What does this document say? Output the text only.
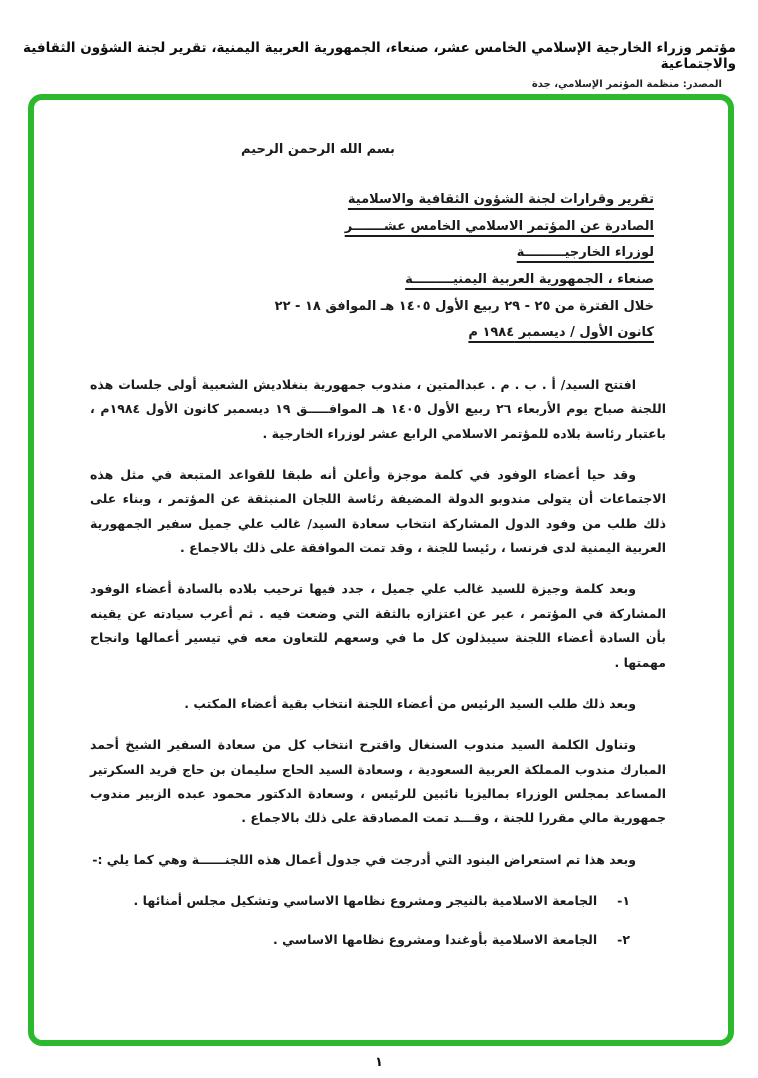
مؤتمر وزراء الخارجية الإسلامي الخامس عشر، صنعاء، الجمهورية العربية اليمنية، تقرير لجنة الشؤون الثقافية والاجتماعية
المصدر: منظمة المؤتمر الإسلامي، جدة
بسم الله الرحمن الرحيم
تقرير وقرارات لجنة الشؤون الثقافية والاسلامية
الصادرة عن المؤتمر الاسلامي الخامس عشـــــــر
لوزراء الخارجيـــــــــة
صنعاء ، الجمهورية العربية اليمنيـــــــــة
خلال الفترة من ٢٥ - ٢٩ ربيع الأول ١٤٠٥ هـ الموافق ١٨ - ٢٢
كانون الأول / ديسمبر ١٩٨٤ م

افتتح السيد/ أ . ب . م . عبدالمتين ، مندوب جمهورية بنغلاديش الشعبية أولى جلسات هذه اللجنة صباح يوم الأربعاء ٢٦ ربيع الأول ١٤٠٥ هـ الموافـــــق ١٩ ديسمبر كانون الأول ١٩٨٤م ، باعتبار رئاسة بلاده للمؤتمر الاسلامي الرابع عشر لوزراء الخارجية .

وقد حيا أعضاء الوفود في كلمة موجزة وأعلن أنه طبقا للقواعد المتبعة في مثل هذه الاجتماعات أن يتولى مندوبو الدولة المضيفة رئاسة اللجان المنبثقة عن المؤتمر ، وبناء على ذلك طلب من وفود الدول المشاركة انتخاب سعادة السيد/ غالب علي جميل سفير الجمهورية العربية اليمنية لدى فرنسا ، رئيسا للجنة ، وقد تمت الموافقة على ذلك بالاجماع .

وبعد كلمة وجيزة للسيد غالب علي جميل ، جدد فيها ترحيب بلاده بالسادة أعضاء الوفود المشاركة في المؤتمر ، عبر عن اعتزازه بالثقة التي وضعت فيه . ثم أعرب سيادته عن يقينه بأن السادة أعضاء اللجنة سيبذلون كل ما في وسعهم للتعاون معه في تيسير أعمالها وانجاح مهمتها .

وبعد ذلك طلب السيد الرئيس من أعضاء اللجنة انتخاب بقية أعضاء المكتب .

وتناول الكلمة السيد مندوب السنغال واقترح انتخاب كل من سعادة السفير الشيخ أحمد المبارك مندوب المملكة العربية السعودية ، وسعادة السيد الحاج سليمان بن حاج فريد السكرتير المساعد بمجلس الوزراء بماليزيا نائبين للرئيس ، وسعادة الدكتور محمود عبده الزبير مندوب جمهورية مالي مقررا للجنة ، وقـــد تمت المصادقة على ذلك بالاجماع .

وبعد هذا تم استعراض البنود التي أدرجت في جدول أعمال هذه اللجنــــــة وهي كما يلي :-

١-
الجامعة الاسلامية بالنيجر ومشروع نظامها الاساسي وتشكيل مجلس أمنائها .
٢-
الجامعة الاسلامية بأوغندا ومشروع نظامها الاساسي .
١
